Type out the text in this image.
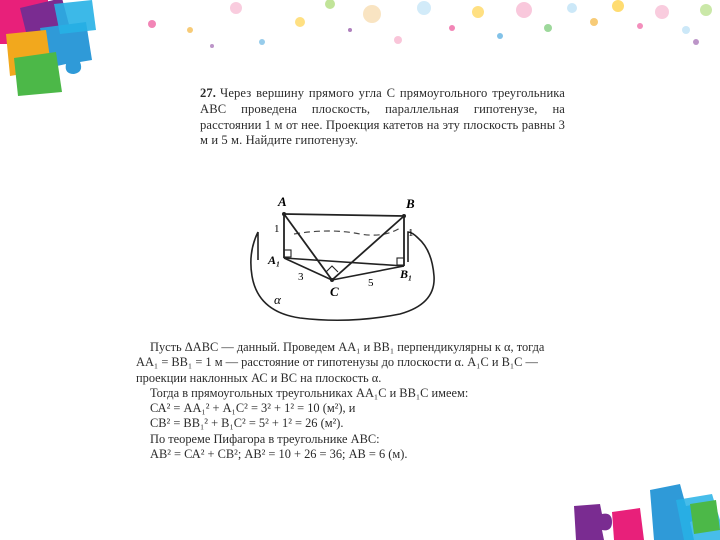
27. Через вершину прямого угла С прямоугольного треугольника АВС проведена плоскость, параллельная гипотенузе, на расстоянии 1 м от нее. Проекция катетов на эту плоскость равны 3 м и 5 м. Найдите гипотенузу.
A	B
A₁
B₁
C
1	1
3	5
α

Пусть ΔАВС — данный. Проведем АА₁ и ВВ₁ перпендикулярны к α, тогда АА₁ = ВВ₁ = 1 м — расстояние от гипотенузы до плоскости α. А₁С и В₁С — проекции наклонных АС и ВС на плоскость α.

Тогда в прямоугольных треугольниках АА₁С и ВВ₁С имеем:

СА² = АА₁² + А₁С² = 3² + 1² = 10 (м²), и

СВ² = ВВ₁² + В₁С² = 5² + 1² = 26 (м²).

По теореме Пифагора в треугольнике АВС:

АВ² = СА² + СВ²; АВ² = 10 + 26 = 36; АВ = 6 (м).
